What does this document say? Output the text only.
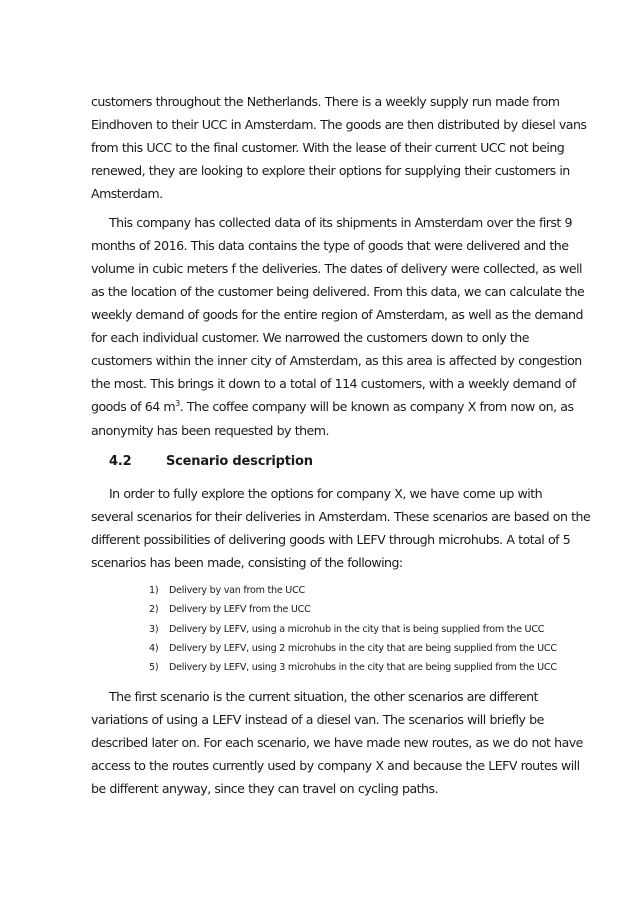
customers throughout the Netherlands. There is a weekly supply run made from
Eindhoven to their UCC in Amsterdam. The goods are then distributed by diesel vans
from this UCC to the final customer. With the lease of their current UCC not being
renewed, they are looking to explore their options for supplying their customers in
Amsterdam.
This company has collected data of its shipments in Amsterdam over the first 9
months of 2016. This data contains the type of goods that were delivered and the
volume in cubic meters f the deliveries. The dates of delivery were collected, as well
as the location of the customer being delivered. From this data, we can calculate the
weekly demand of goods for the entire region of Amsterdam, as well as the demand
for each individual customer. We narrowed the customers down to only the
customers within the inner city of Amsterdam, as this area is affected by congestion
the most. This brings it down to a total of 114 customers, with a weekly demand of
goods of 64 $m^3$. The coffee company will be known as company X from now on, as
anonymity has been requested by them.
4.2	Scenario description
In order to fully explore the options for company X, we have come up with
several scenarios for their deliveries in Amsterdam. These scenarios are based on the
different possibilities of delivering goods with LEFV through microhubs. A total of 5
scenarios has been made, consisting of the following:
1) Delivery by van from the UCC
2) Delivery by LEFV from the UCC
3) Delivery by LEFV, using a microhub in the city that is being supplied from the UCC
4) Delivery by LEFV, using 2 microhubs in the city that are being supplied from the UCC
5) Delivery by LEFV, using 3 microhubs in the city that are being supplied from the UCC
The first scenario is the current situation, the other scenarios are different
variations of using a LEFV instead of a diesel van. The scenarios will briefly be
described later on. For each scenario, we have made new routes, as we do not have
access to the routes currently used by company X and because the LEFV routes will
be different anyway, since they can travel on cycling paths.
